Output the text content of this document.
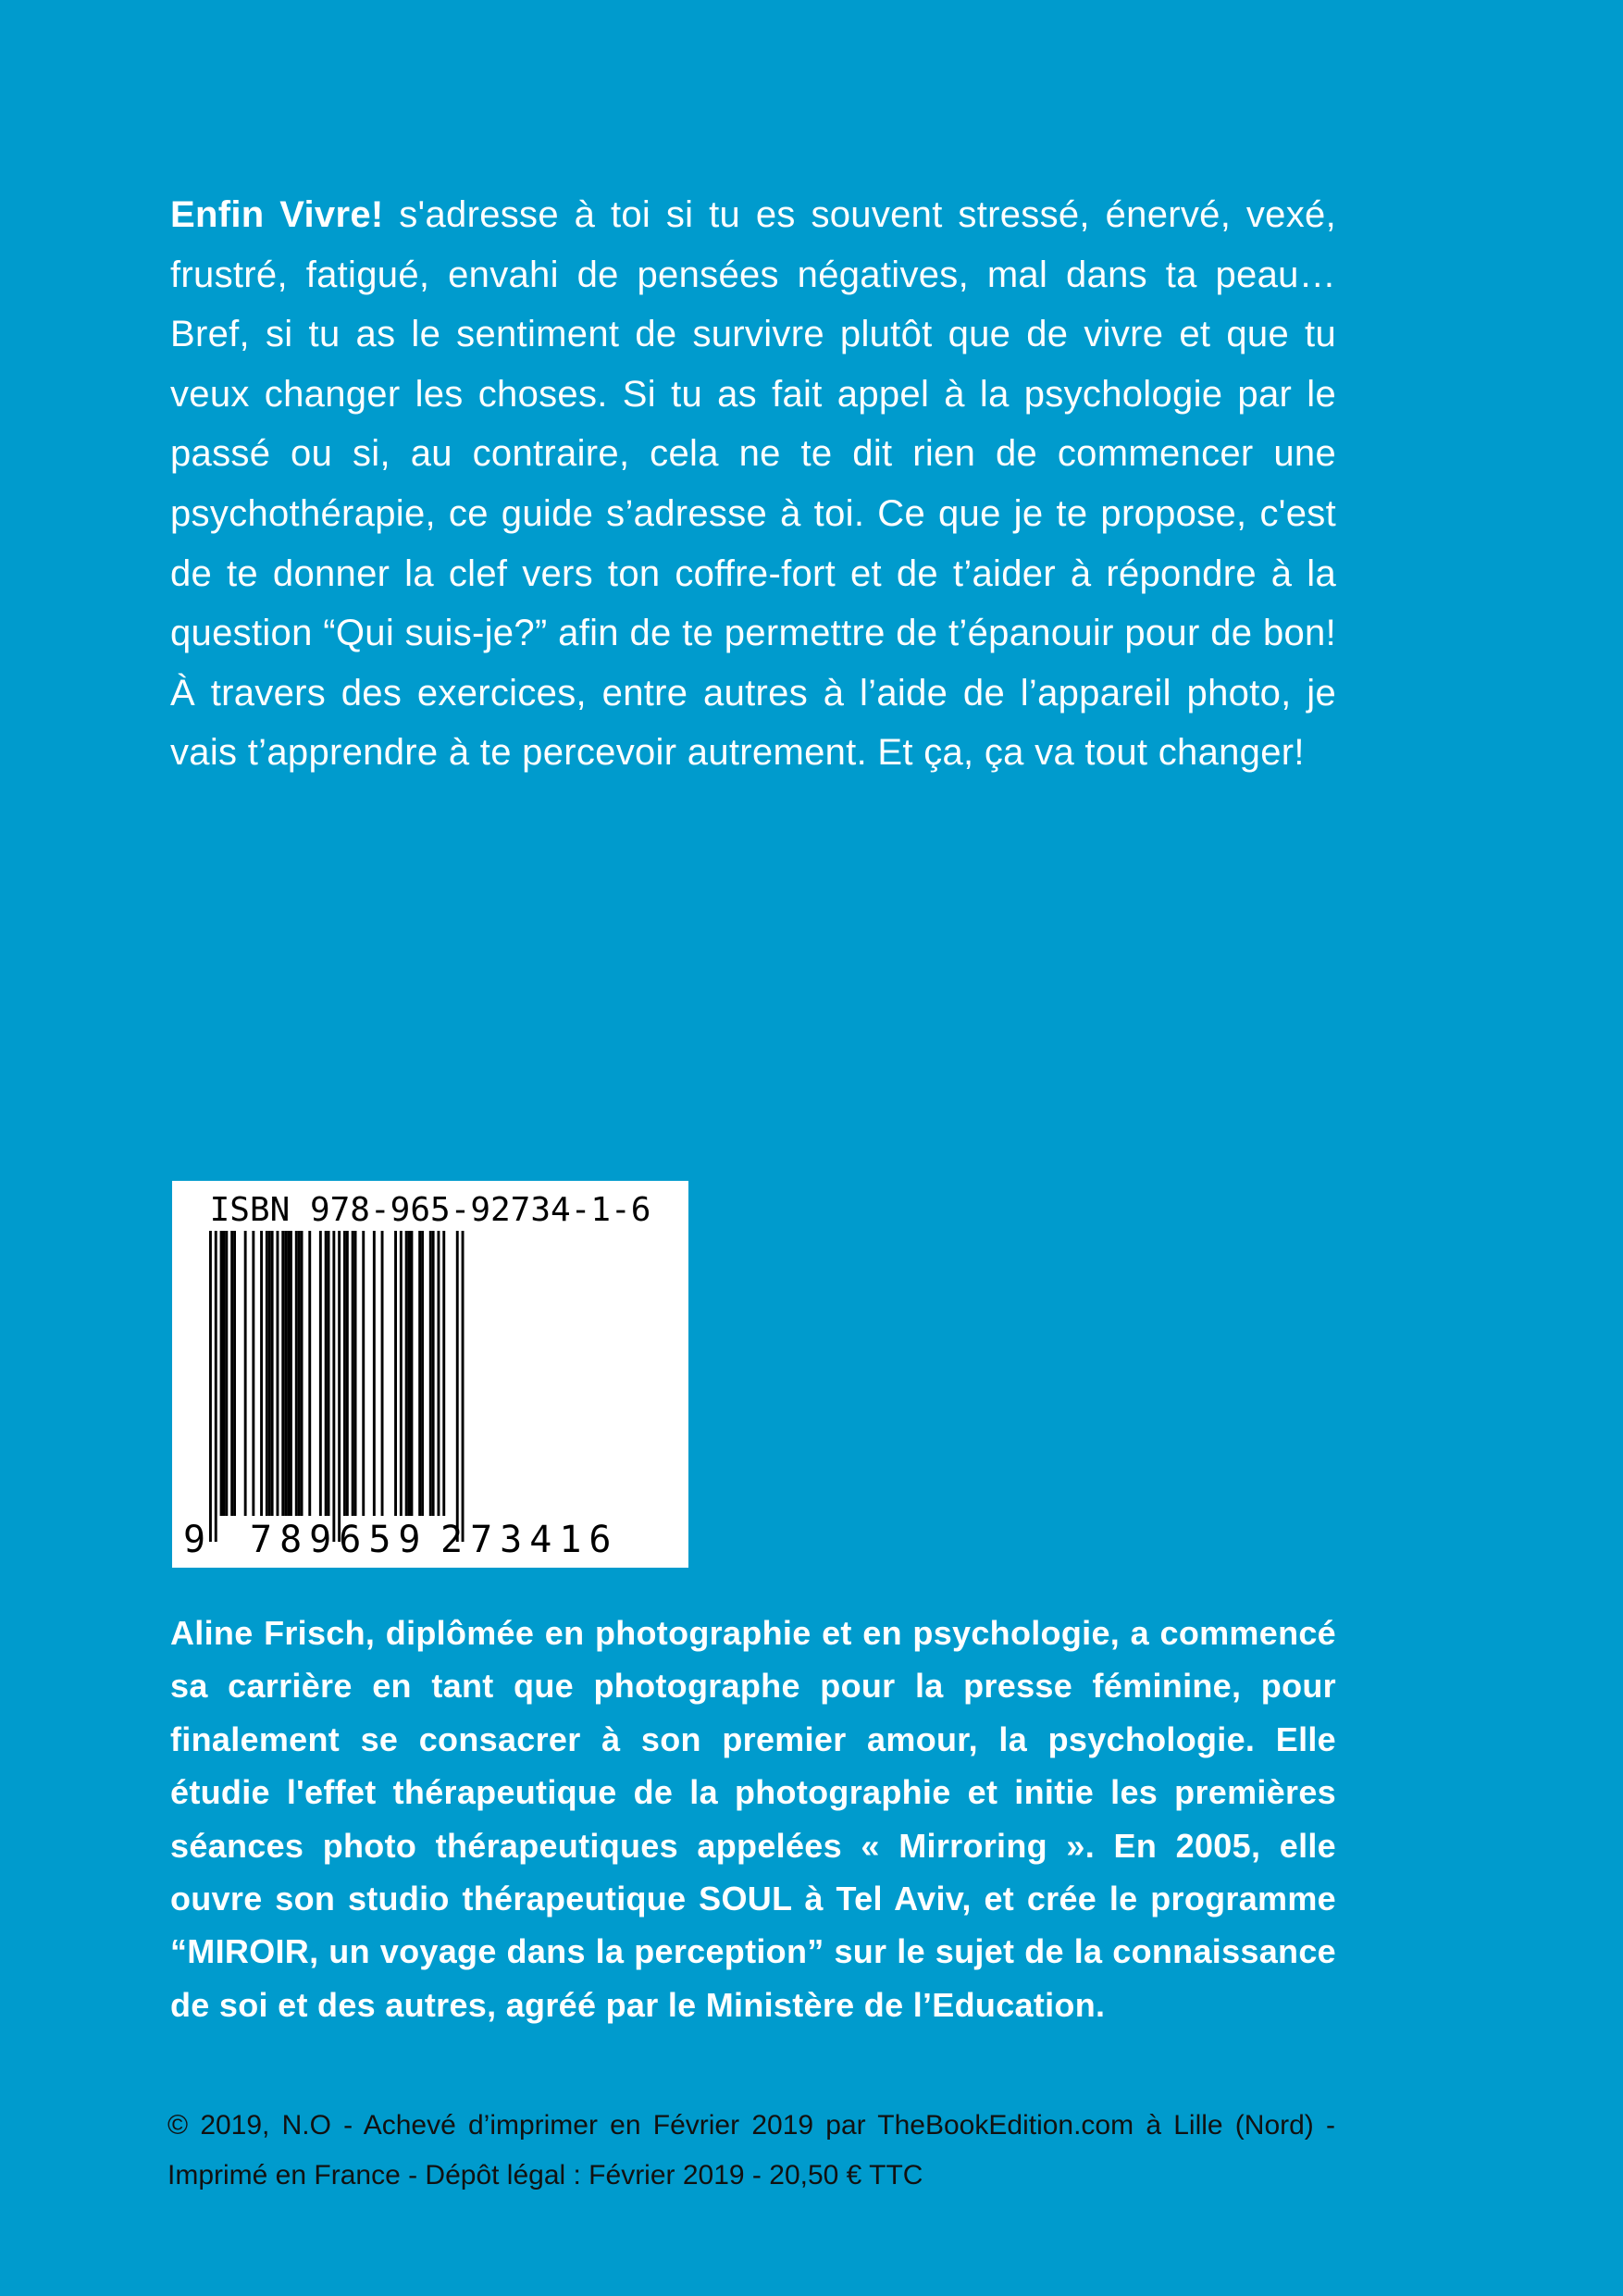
Enfin Vivre! s'adresse à toi si tu es souvent stressé, énervé, vexé, frustré, fatigué, envahi de pensées négatives, mal dans ta peau…Bref, si tu as le sentiment de survivre plutôt que de vivre et que tu veux changer les choses. Si tu as fait appel à la psychologie par le passé ou si, au contraire, cela ne te dit rien de commencer une psychothérapie, ce guide s’adresse à toi. Ce que je te propose, c'est de te donner la clef vers ton coffre-fort et de t’aider à répondre à la question “Qui suis-je?” afin de te permettre de t’épanouir pour de bon! À travers des exercices, entre autres à l’aide de l’appareil photo, je vais t’apprendre à te percevoir autrement. Et ça, ça va tout changer!

ISBN 978-965-92734-1-6
9 789659 273416

Aline Frisch, diplômée en photographie et en psychologie, a commencé sa carrière en tant que photographe pour la presse féminine, pour finalement se consacrer à son premier amour, la psychologie. Elle étudie l'effet thérapeutique de la photographie et initie les premières séances photo thérapeutiques appelées « Mirroring ». En 2005, elle ouvre son studio thérapeutique SOUL à Tel Aviv, et crée le programme “MIROIR, un voyage dans la perception” sur le sujet de la connaissance de soi et des autres, agréé par le Ministère de l’Education.

© 2019, N.O - Achevé d’imprimer en Février 2019 par TheBookEdition.com à Lille (Nord) - Imprimé en France - Dépôt légal : Février 2019 - 20,50 € TTC
